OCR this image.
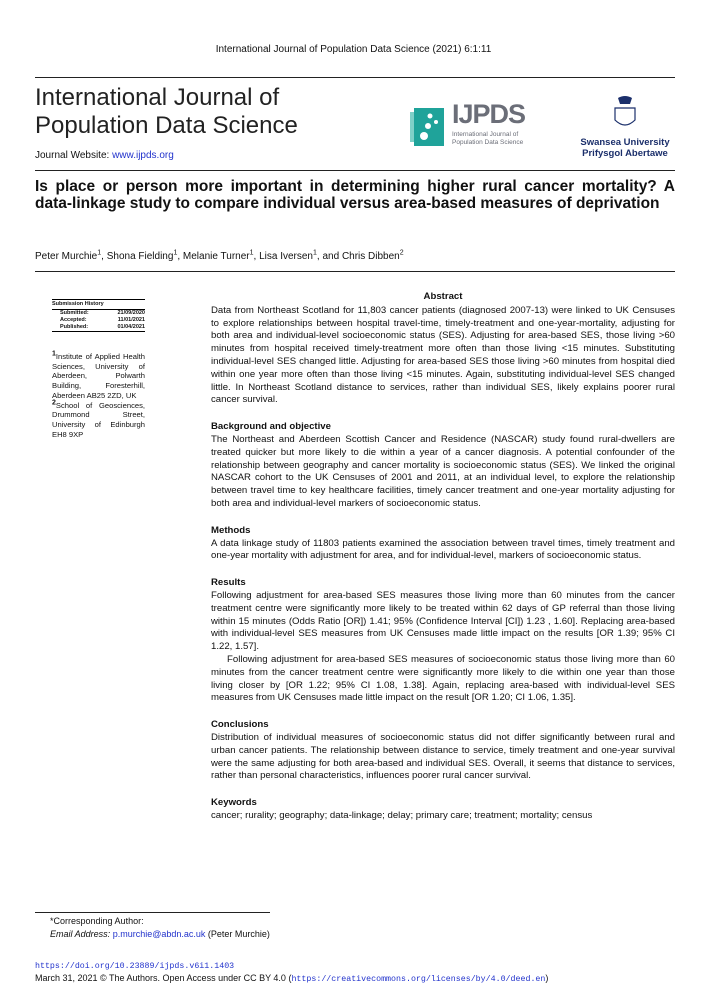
International Journal of Population Data Science (2021) 6:1:11
International Journal of
Population Data Science
Journal Website: www.ijpds.org
IJPDS
International Journal of
Population Data Science	Swansea University
Prifysgol Abertawe
Is place or person more important in determining higher rural cancer mortality? A data-linkage study to compare individual versus area-based measures of deprivation
Peter Murchie$^1$, Shona Fielding$^1$, Melanie Turner$^1$, Lisa Iversen$^1$, and Chris Dibben$^2$
Submission History
Submitted:	21/09/2020
Accepted:	11/01/2021
Published:	01/04/2021
$^1$Institute of Applied Health Sciences, University of Aberdeen, Polwarth Building, Foresterhill, Aberdeen AB25 2ZD, UK
$^2$School of Geosciences, Drummond Street, University of Edinburgh EH8 9XP
Abstract

Data from Northeast Scotland for 11,803 cancer patients (diagnosed 2007-13) were linked to UK Censuses to explore relationships between hospital travel-time, timely-treatment and one-year-mortality, adjusting for both area and individual-level socioeconomic status (SES). Adjusting for area-based SES, those living >60 minutes from hospital received timely-treatment more often than those living <15 minutes. Substituting individual-level SES changed little. Adjusting for area-based SES those living >60 minutes from hospital died within one year more often than those living <15 minutes. Again, substituting individual-level SES changed little. In Northeast Scotland distance to services, rather than individual SES, likely explains poorer rural cancer survival.

Background and objective

The Northeast and Aberdeen Scottish Cancer and Residence (NASCAR) study found rural-dwellers are treated quicker but more likely to die within a year of a cancer diagnosis. A potential confounder of the relationship between geography and cancer mortality is socioeconomic status (SES). We linked the original NASCAR cohort to the UK Censuses of 2001 and 2011, at an individual level, to explore the relationship between travel time to key healthcare facilities, timely cancer treatment and one-year mortality adjusting for both area and individual-level markers of socioeconomic status.

Methods

A data linkage study of 11803 patients examined the association between travel times, timely treatment and one-year mortality with adjustment for area, and for individual-level, markers of socioeconomic status.

Results

Following adjustment for area-based SES measures those living more than 60 minutes from the cancer treatment centre were significantly more likely to be treated within 62 days of GP referral than those living within 15 minutes (Odds Ratio [OR]) 1.41; 95% (Confidence Interval [CI]) 1.23 , 1.60]. Replacing area-based with individual-level SES measures from UK Censuses made little impact on the results [OR 1.39; 95% CI 1.22, 1.57].

Following adjustment for area-based SES measures of socioeconomic status those living more than 60 minutes from the cancer treatment centre were significantly more likely to die within one year than those living closer by [OR 1.22; 95% CI 1.08, 1.38]. Again, replacing area-based with individual-level SES measures from UK Censuses made little impact on the result [OR 1.20; CI 1.06, 1.35].

Conclusions

Distribution of individual measures of socioeconomic status did not differ significantly between rural and urban cancer patients. The relationship between distance to service, timely treatment and one-year survival were the same adjusting for both area-based and individual SES. Overall, it seems that distance to services, rather than personal characteristics, influences poorer rural cancer survival.

Keywords

cancer; rurality; geography; data-linkage; delay; primary care; treatment; mortality; census

*Corresponding Author:
Email Address: p.murchie@abdn.ac.uk (Peter Murchie)
https://doi.org/10.23889/ijpds.v6i1.1403
March 31, 2021 © The Authors. Open Access under CC BY 4.0 (https://creativecommons.org/licenses/by/4.0/deed.en)
